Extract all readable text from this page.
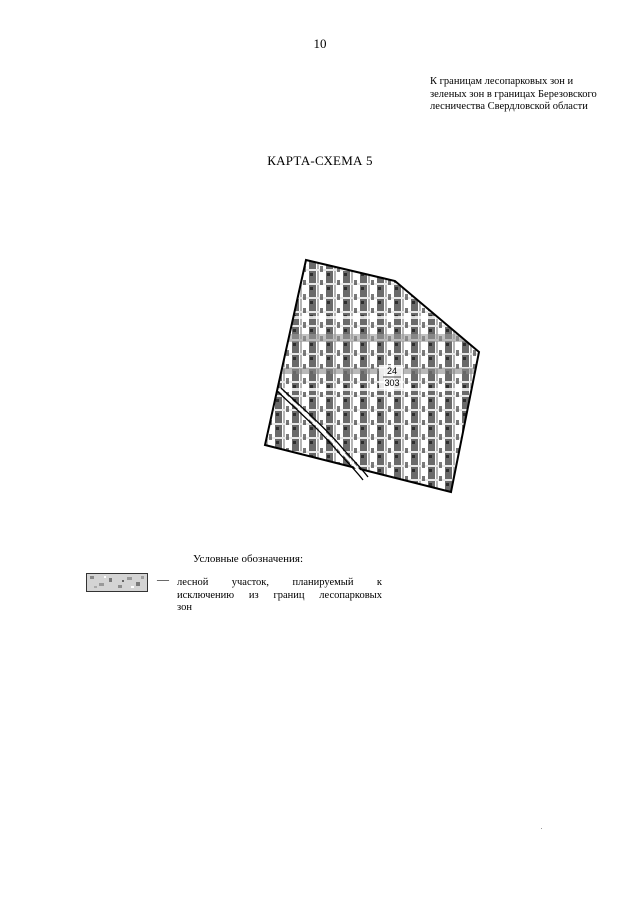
10
К границам лесопарковых зон и
зеленых зон в границах Березовского
лесничества Свердловской области
КАРТА-СХЕМА 5
24
303
Условные обозначения:
— лесной участок, планируемый к
исключению из границ лесопарковых
зон
